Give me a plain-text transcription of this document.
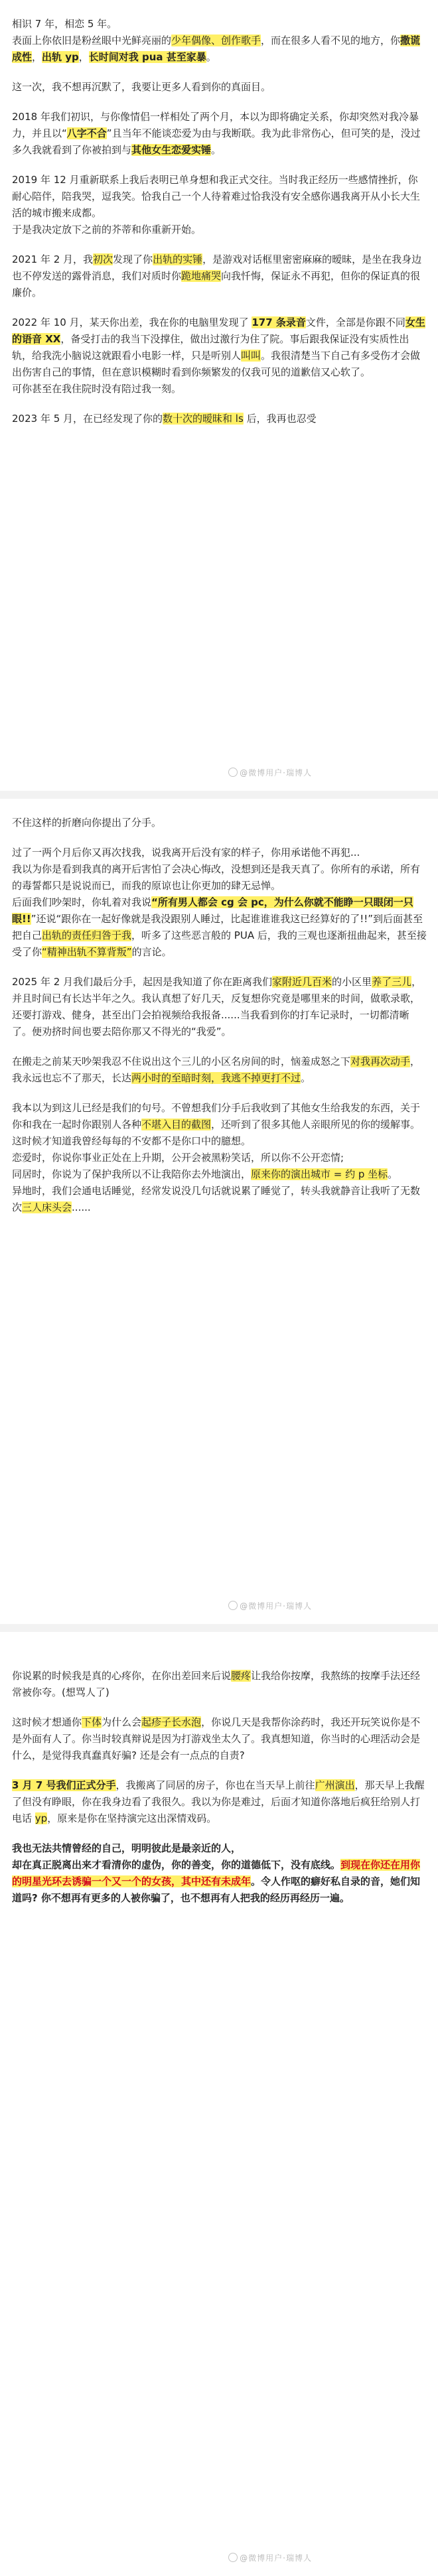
相识 7 年，相恋 5 年。

表面上你依旧是粉丝眼中光鲜亮丽的少年偶像、创作歌手，而在很多人看不见的地方，你撒谎成性，出轨 yp，长时间对我 pua 甚至家暴。

这一次，我不想再沉默了，我要让更多人看到你的真面目。

2018 年我们初识，与你像情侣一样相处了两个月，本以为即将确定关系，你却突然对我冷暴力，并且以“八字不合”且当年不能谈恋爱为由与我断联。我为此非常伤心，但可笑的是，没过多久我就看到了你被拍到与其他女生恋爱实锤。

2019 年 12 月重新联系上我后表明已单身想和我正式交往。当时我正经历一些感情挫折，你耐心陪伴，陪我哭，逗我笑。恰我自己一个人待着难过恰我没有安全感你遇我离开从小长大生活的城市搬来成都。

于是我决定放下之前的芥蒂和你重新开始。

2021 年 2 月，我初次发现了你出轨的实锤，是游戏对话框里密密麻麻的暧昧，是坐在我身边也不停发送的露骨消息，我们对质时你跪地痛哭向我忏悔，保证永不再犯，但你的保证真的很廉价。

2022 年 10 月，某天你出差，我在你的电脑里发现了 177 条录音文件，全部是你跟不同女生的语音 XX，备受打击的我当下没撑住，做出过激行为住了院。事后跟我保证没有实质性出轨，给我洗小脑说这就跟看小电影一样，只是听别人叫叫。我很清楚当下自己有多受伤才会做出伤害自己的事情，但在意识模糊时看到你频繁发的仅我可见的道歉信又心软了。

可你甚至在我住院时没有陪过我一刻。

2023 年 5 月，在已经发现了你的数十次的暧昧和 ls 后，我再也忍受

@微博用户·瑞博人

不住这样的折磨向你提出了分手。

过了一两个月后你又再次找我，说我离开后没有家的样子，你用承诺他不再犯...

我以为你是看到我真的离开后害怕了会决心悔改，没想到还是我天真了。你所有的承诺，所有的毒誓都只是说说而已，而我的原谅也让你更加的肆无忌惮。

后面我们吵架时，你轧着对我说“所有男人都会 cg 会 pc，为什么你就不能睁一只眼闭一只眼!!”还说“跟你在一起好像就是我没跟别人睡过，比起谁谁谁我这已经算好的了!!”到后面甚至把自己出轨的责任归咎于我，听多了这些恶言般的 PUA 后，我的三观也逐渐扭曲起来，甚至接受了你“精神出轨不算背叛”的言论。

2025 年 2 月我们最后分手，起因是我知道了你在距离我们家附近几百米的小区里养了三儿，并且时间已有长达半年之久。我认真想了好几天，反复想你究竟是哪里来的时间，做歌录歌，还要打游戏、健身，甚至出门会拍视频给我报备......当我看到你的打车记录时，一切都清晰了。便劝挤时间也要去陪你那又不得光的“我爱”。

在搬走之前某天吵架我忍不住说出这个三儿的小区名房间的时，恼羞成怒之下对我再次动手，我永远也忘不了那天，长达两小时的至暗时刻，我逃不掉更打不过。

我本以为到这儿已经是我们的句号。不曾想我们分手后我收到了其他女生给我发的东西，关于你和我在一起时你跟别人各种不堪入目的截图，还听到了很多其他人亲眼所见的你的缓解事。这时候才知道我曾经每每的不安都不是你口中的臆想。

恋爱时，你说你事业正处在上升期，公开会被黑粉笑话，所以你不公开恋情;

同居时，你说为了保护我所以不让我陪你去外地演出，原来你的演出城市 = 约 p 坐标。

异地时，我们会通电话睡觉，经常发说没几句话就说累了睡觉了，转头我就静音让我听了无数次三人床头会......

@微博用户·瑞博人

你说累的时候我是真的心疼你，在你出差回来后说腰疼让我给你按摩，我熬练的按摩手法还经常被你夸。(想骂人了)

这时候才想通你下体为什么会起疹子长水泡，你说几天是我帮你涂药时，我还开玩笑说你是不是外面有人了。你当时较真辩说是因为打游戏坐太久了。我真想知道，你当时的心理活动会是什么，是觉得我真蠢真好骗? 还是会有一点点的自责?

3 月 7 号我们正式分手，我搬离了同居的房子，你也在当天早上前往广州演出，那天早上我醒了但没有睁眼，你在我身边看了我很久。我以为你是难过，后面才知道你落地后疯狂给别人打电话 yp，原来是你在坚持演完这出深情戏码。

我也无法共情曾经的自己，明明彼此是最亲近的人，

却在真正脱离出来才看清你的虚伪，你的善变，你的道德低下，没有底线。到现在你还在用你的明星光环去诱骗一个又一个的女孩，其中还有未成年。令人作呕的癖好私自录的音，她们知道吗? 你不想再有更多的人被你骗了，也不想再有人把我的经历再经历一遍。

@微博用户·瑞博人
